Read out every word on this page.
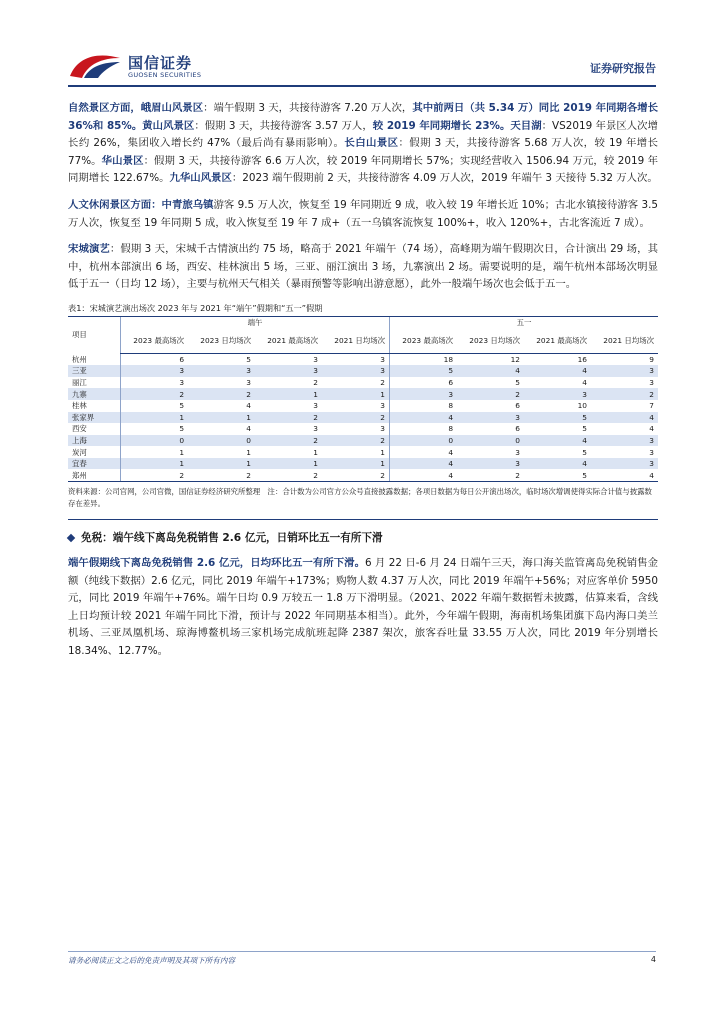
国信证券
GUOSEN SECURITIES	证券研究报告

自然景区方面，峨眉山风景区：端午假期 3 天，共接待游客 7.20 万人次，其中前两日（共 5.34 万）同比 2019 年同期各增长 36%和 85%。黄山风景区：假期 3 天，共接待游客 3.57 万人，较 2019 年同期增长 23%。天目湖：VS2019 年景区人次增长约 26%，集团收入增长约 47%（最后尚有暴雨影响）。长白山景区：假期 3 天，共接待游客 5.68 万人次，较 19 年增长 77%。华山景区：假期 3 天，共接待游客 6.6 万人次，较 2019 年同期增长 57%；实现经营收入 1506.94 万元，较 2019 年同期增长 122.67%。九华山风景区：2023 端午假期前 2 天，共接待游客 4.09 万人次，2019 年端午 3 天接待 5.32 万人次。

人文休闲景区方面：中青旅乌镇游客 9.5 万人次，恢复至 19 年同期近 9 成，收入较 19 年增长近 10%；古北水镇接待游客 3.5 万人次，恢复至 19 年同期 5 成，收入恢复至 19 年 7 成+（五一乌镇客流恢复 100%+，收入 120%+，古北客流近 7 成）。

宋城演艺：假期 3 天，宋城千古情演出约 75 场，略高于 2021 年端午（74 场），高峰期为端午假期次日，合计演出 29 场，其中，杭州本部演出 6 场，西安、桂林演出 5 场，三亚、丽江演出 3 场，九寨演出 2 场。需要说明的是，端午杭州本部场次明显低于五一（日均 12 场），主要与杭州天气相关（暴雨预警等影响出游意愿），此外一般端午场次也会低于五一。

表1：宋城演艺演出场次 2023 年与 2021 年“端午”假期和“五一”假期
项目	端午				五一			
	2023 最高场次	2023 日均场次	2021 最高场次	2021 日均场次	2023 最高场次	2023 日均场次	2021 最高场次	2021 日均场次
杭州	6	5	3	3	18	12	16	9
三亚	3	3	3	3	5	4	4	3
丽江	3	3	2	2	6	5	4	3
九寨	2	2	1	1	3	2	3	2
桂林	5	4	3	3	8	6	10	7
张家界	1	1	2	2	4	3	5	4
西安	5	4	3	3	8	6	5	4
上海	0	0	2	2	0	0	4	3
炭河	1	1	1	1	4	3	5	3
宜春	1	1	1	1	4	3	4	3
郑州	2	2	2	2	4	2	5	4
资料来源：公司官网，公司官微，国信证券经济研究所整理　注：合计数为公司官方公众号直接披露数据；各项日数据为每日公开演出场次，临时场次增调使得实际合计值与披露数存在差异。
免税：端午线下离岛免税销售 2.6 亿元，日销环比五一有所下滑

端午假期线下离岛免税销售 2.6 亿元，日均环比五一有所下滑。6 月 22 日-6 月 24 日端午三天，海口海关监管离岛免税销售金额（纯线下数据）2.6 亿元，同比 2019 年端午+173%；购物人数 4.37 万人次，同比 2019 年端午+56%；对应客单价 5950 元，同比 2019 年端午+76%。端午日均 0.9 万较五一 1.8 万下滑明显。（2021、2022 年端午数据暂未披露，估算来看，含线上日均预计较 2021 年端午同比下滑，预计与 2022 年同期基本相当）。此外，今年端午假期，海南机场集团旗下岛内海口美兰机场、三亚凤凰机场、琼海博鳌机场三家机场完成航班起降 2387 架次，旅客吞吐量 33.55 万人次，同比 2019 年分别增长 18.34%、12.77%。

请务必阅读正文之后的免责声明及其项下所有内容	4
